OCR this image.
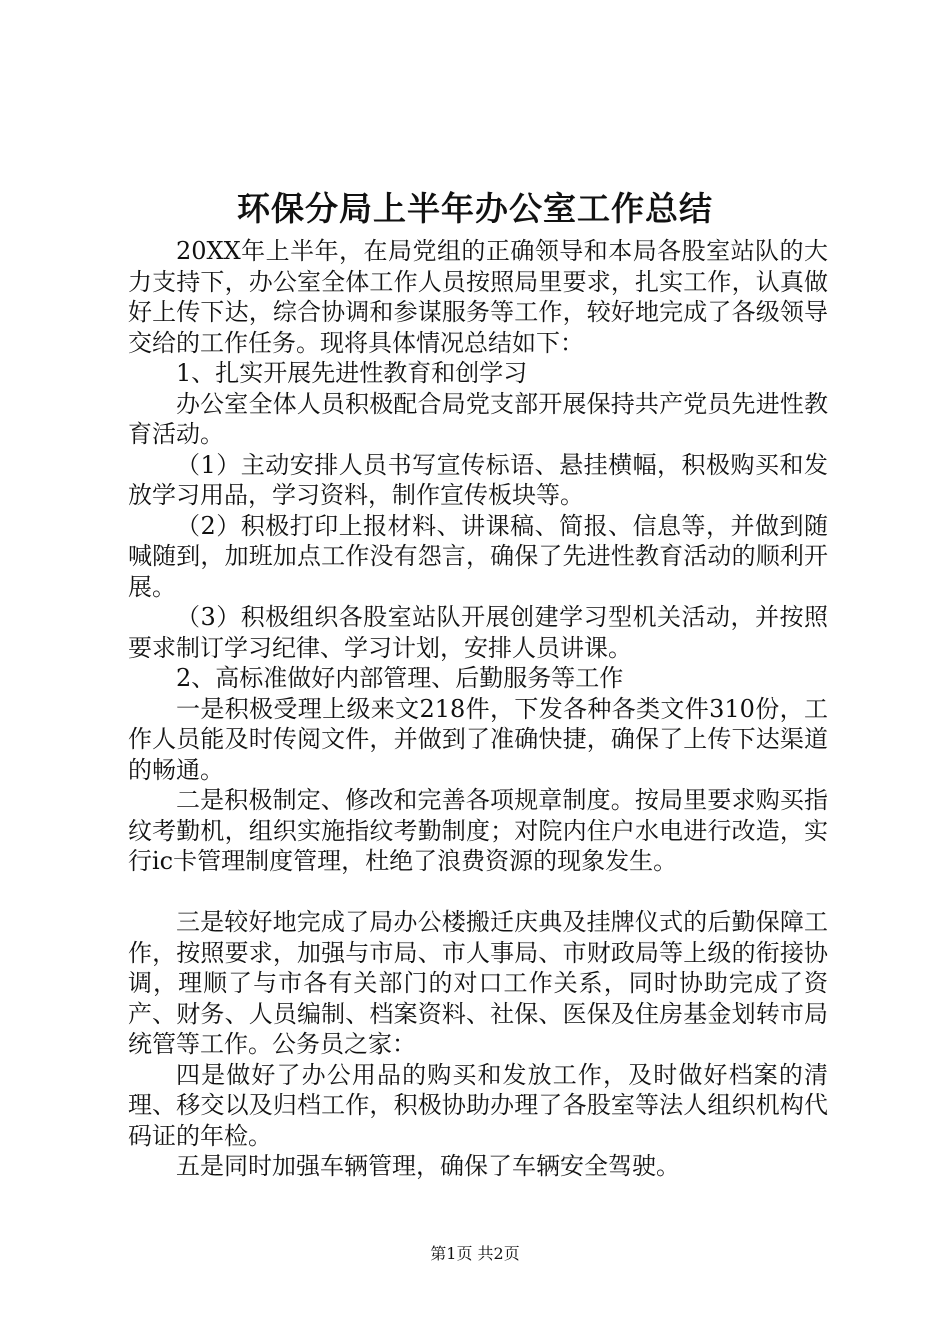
环保分局上半年办公室工作总结

20XX年上半年，在局党组的正确领导和本局各股室站队的大力支持下，办公室全体工作人员按照局里要求，扎实工作，认真做好上传下达，综合协调和参谋服务等工作，较好地完成了各级领导交给的工作任务。现将具体情况总结如下：

1、扎实开展先进性教育和创学习

办公室全体人员积极配合局党支部开展保持共产党员先进性教育活动。

（1）主动安排人员书写宣传标语、悬挂横幅，积极购买和发放学习用品，学习资料，制作宣传板块等。

（2）积极打印上报材料、讲课稿、简报、信息等，并做到随喊随到，加班加点工作没有怨言，确保了先进性教育活动的顺利开展。

（3）积极组织各股室站队开展创建学习型机关活动，并按照要求制订学习纪律、学习计划，安排人员讲课。

2、高标准做好内部管理、后勤服务等工作

一是积极受理上级来文218件，下发各种各类文件310份，工作人员能及时传阅文件，并做到了准确快捷，确保了上传下达渠道的畅通。

二是积极制定、修改和完善各项规章制度。按局里要求购买指纹考勤机，组织实施指纹考勤制度；对院内住户水电进行改造，实行ic卡管理制度管理，杜绝了浪费资源的现象发生。

三是较好地完成了局办公楼搬迁庆典及挂牌仪式的后勤保障工作，按照要求，加强与市局、市人事局、市财政局等上级的衔接协调，理顺了与市各有关部门的对口工作关系，同时协助完成了资产、财务、人员编制、档案资料、社保、医保及住房基金划转市局统管等工作。公务员之家：

四是做好了办公用品的购买和发放工作，及时做好档案的清理、移交以及归档工作，积极协助办理了各股室等法人组织机构代码证的年检。

五是同时加强车辆管理，确保了车辆安全驾驶。

第1页 共2页
